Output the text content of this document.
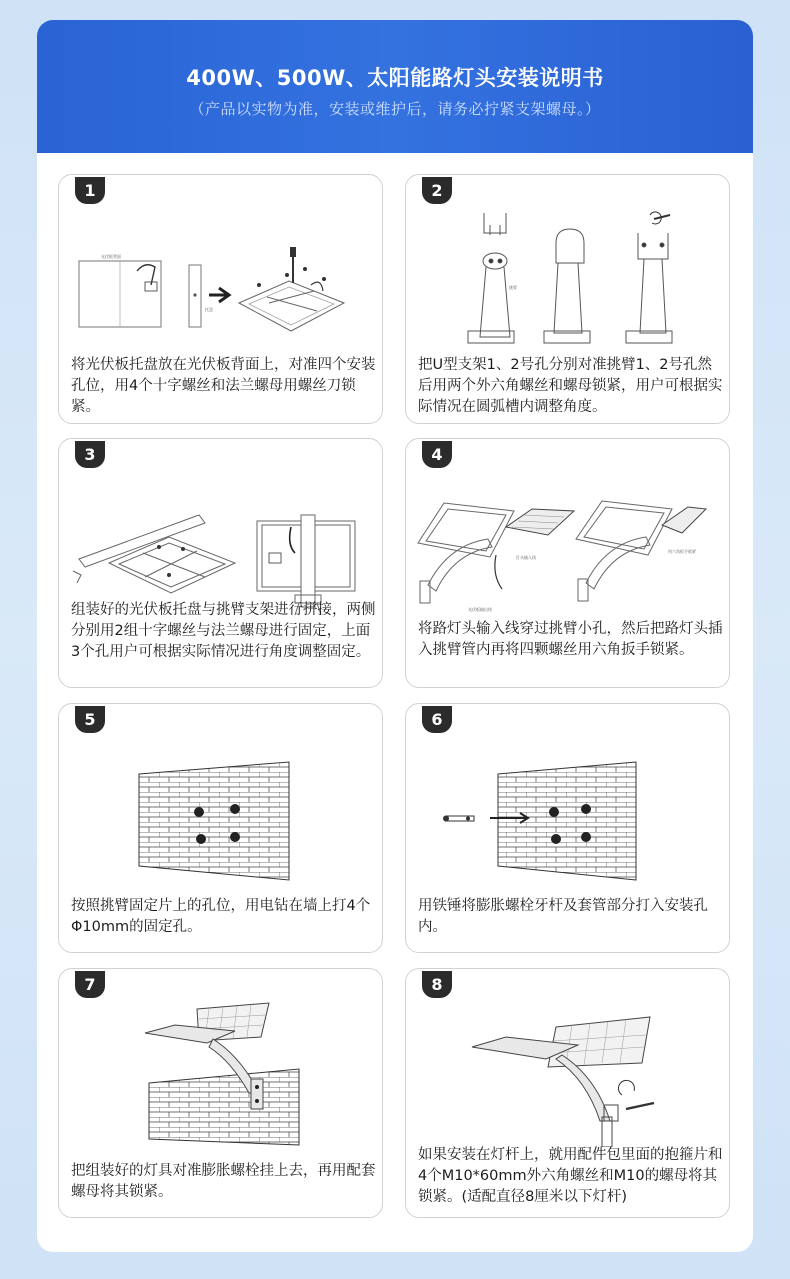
400W、500W、太阳能路灯头安装说明书
（产品以实物为准，安装或维护后，请务必拧紧支架螺母。）
1
光伏板背面
托盘
将光伏板托盘放在光伏板背面上，对准四个安装孔位，用4个十字螺丝和法兰螺母用螺丝刀锁紧。
2
挑臂
把U型支架1、2号孔分别对准挑臂1、2号孔然后用两个外六角螺丝和螺母锁紧，用户可根据实际情况在圆弧槽内调整角度。
3
组装好的光伏板托盘与挑臂支架进行拼接，两侧分别用2组十字螺丝与法兰螺母进行固定，上面3个孔用户可根据实际情况进行角度调整固定。
4
灯头输入线
光伏板输出线
用六角扳手锁紧
将路灯头输入线穿过挑臂小孔，然后把路灯头插入挑臂管内再将四颗螺丝用六角扳手锁紧。
5
按照挑臂固定片上的孔位，用电钻在墙上打4个Φ10mm的固定孔。
6
用铁锤将膨胀螺栓牙杆及套管部分打入安装孔内。
7
把组装好的灯具对准膨胀螺栓挂上去，再用配套螺母将其锁紧。
8
如果安装在灯杆上，就用配件包里面的抱箍片和4个M10*60mm外六角螺丝和M10的螺母将其锁紧。(适配直径8厘米以下灯杆)
